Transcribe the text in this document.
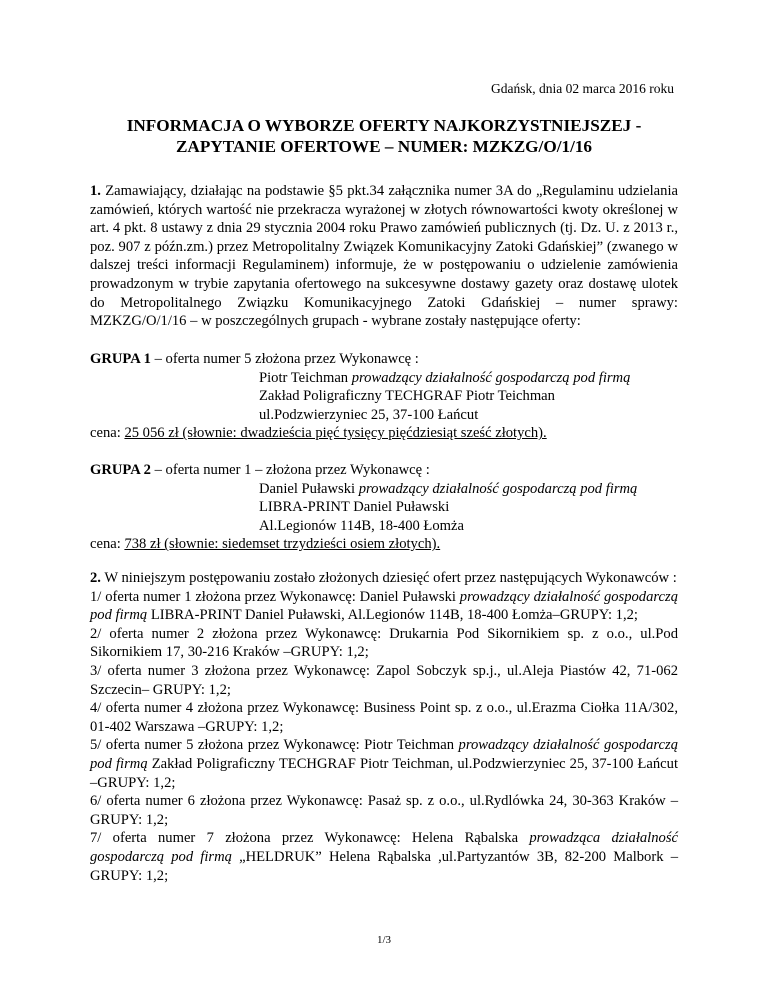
Gdańsk, dnia 02 marca 2016 roku
INFORMACJA O WYBORZE OFERTY NAJKORZYSTNIEJSZEJ -
ZAPYTANIE OFERTOWE – NUMER: MZKZG/O/1/16
1. Zamawiający, działając na podstawie §5 pkt.34 załącznika numer 3A do „Regulaminu udzielania zamówień, których wartość nie przekracza wyrażonej w złotych równowartości kwoty określonej w art. 4 pkt. 8 ustawy z dnia 29 stycznia 2004 roku Prawo zamówień publicznych (tj. Dz. U. z 2013 r., poz. 907 z późn.zm.) przez Metropolitalny Związek Komunikacyjny Zatoki Gdańskiej” (zwanego w dalszej treści informacji Regulaminem) informuje, że w postępowaniu o udzielenie zamówienia prowadzonym w trybie zapytania ofertowego na sukcesywne dostawy gazety oraz dostawę ulotek do Metropolitalnego Związku Komunikacyjnego Zatoki Gdańskiej – numer sprawy: MZKZG/O/1/16 – w poszczególnych grupach - wybrane zostały następujące oferty:
GRUPA 1 – oferta numer 5 złożona przez Wykonawcę :
Piotr Teichman prowadzący działalność gospodarczą pod firmą
Zakład Poligraficzny TECHGRAF Piotr Teichman
ul.Podzwierzyniec 25, 37-100 Łańcut
cena: 25 056 zł (słownie: dwadzieścia pięć tysięcy pięćdziesiąt sześć złotych).
GRUPA 2 – oferta numer 1 – złożona przez Wykonawcę :
Daniel Puławski prowadzący działalność gospodarczą pod firmą
LIBRA-PRINT Daniel Puławski
Al.Legionów 114B, 18-400 Łomża
cena: 738 zł (słownie: siedemset trzydzieści osiem złotych).
2. W niniejszym postępowaniu zostało złożonych dziesięć ofert przez następujących Wykonawców :
1/ oferta numer 1 złożona przez Wykonawcę: Daniel Puławski prowadzący działalność gospodarczą pod firmą LIBRA-PRINT Daniel Puławski, Al.Legionów 114B, 18-400 Łomża–GRUPY: 1,2;
2/ oferta numer 2 złożona przez Wykonawcę: Drukarnia Pod Sikornikiem sp. z o.o., ul.Pod Sikornikiem 17, 30-216 Kraków –GRUPY: 1,2;
3/ oferta numer 3 złożona przez Wykonawcę: Zapol Sobczyk sp.j., ul.Aleja Piastów 42, 71-062 Szczecin– GRUPY: 1,2;
4/ oferta numer 4 złożona przez Wykonawcę: Business Point sp. z o.o., ul.Erazma Ciołka 11A/302, 01-402 Warszawa –GRUPY: 1,2;
5/ oferta numer 5 złożona przez Wykonawcę: Piotr Teichman prowadzący działalność gospodarczą pod firmą Zakład Poligraficzny TECHGRAF Piotr Teichman, ul.Podzwierzyniec 25, 37-100 Łańcut –GRUPY: 1,2;
6/ oferta numer 6 złożona przez Wykonawcę: Pasaż sp. z o.o., ul.Rydlówka 24, 30-363 Kraków –GRUPY: 1,2;
7/ oferta numer 7 złożona przez Wykonawcę: Helena Rąbalska prowadząca działalność gospodarczą pod firmą „HELDRUK” Helena Rąbalska ,ul.Partyzantów 3B, 82-200 Malbork –GRUPY: 1,2;
1/3
